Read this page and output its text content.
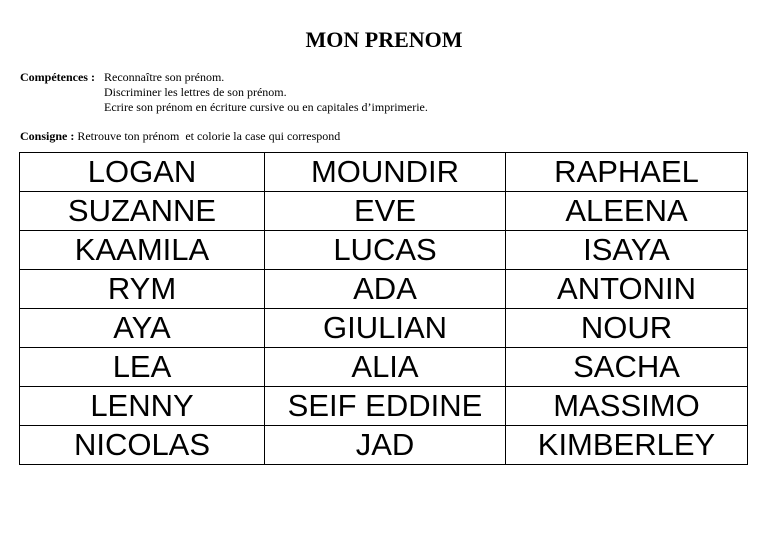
MON PRENOM
Compétences : Reconnaître son prénom.
Discriminer les lettres de son prénom.
Ecrire son prénom en écriture cursive ou en capitales d’imprimerie.
Consigne : Retrouve ton prénom  et colorie la case qui correspond
LOGAN	MOUNDIR	RAPHAEL
SUZANNE	EVE	ALEENA
KAAMILA	LUCAS	ISAYA
RYM	ADA	ANTONIN
AYA	GIULIAN	NOUR
LEA	ALIA	SACHA
LENNY	SEIF EDDINE	MASSIMO
NICOLAS	JAD	KIMBERLEY
